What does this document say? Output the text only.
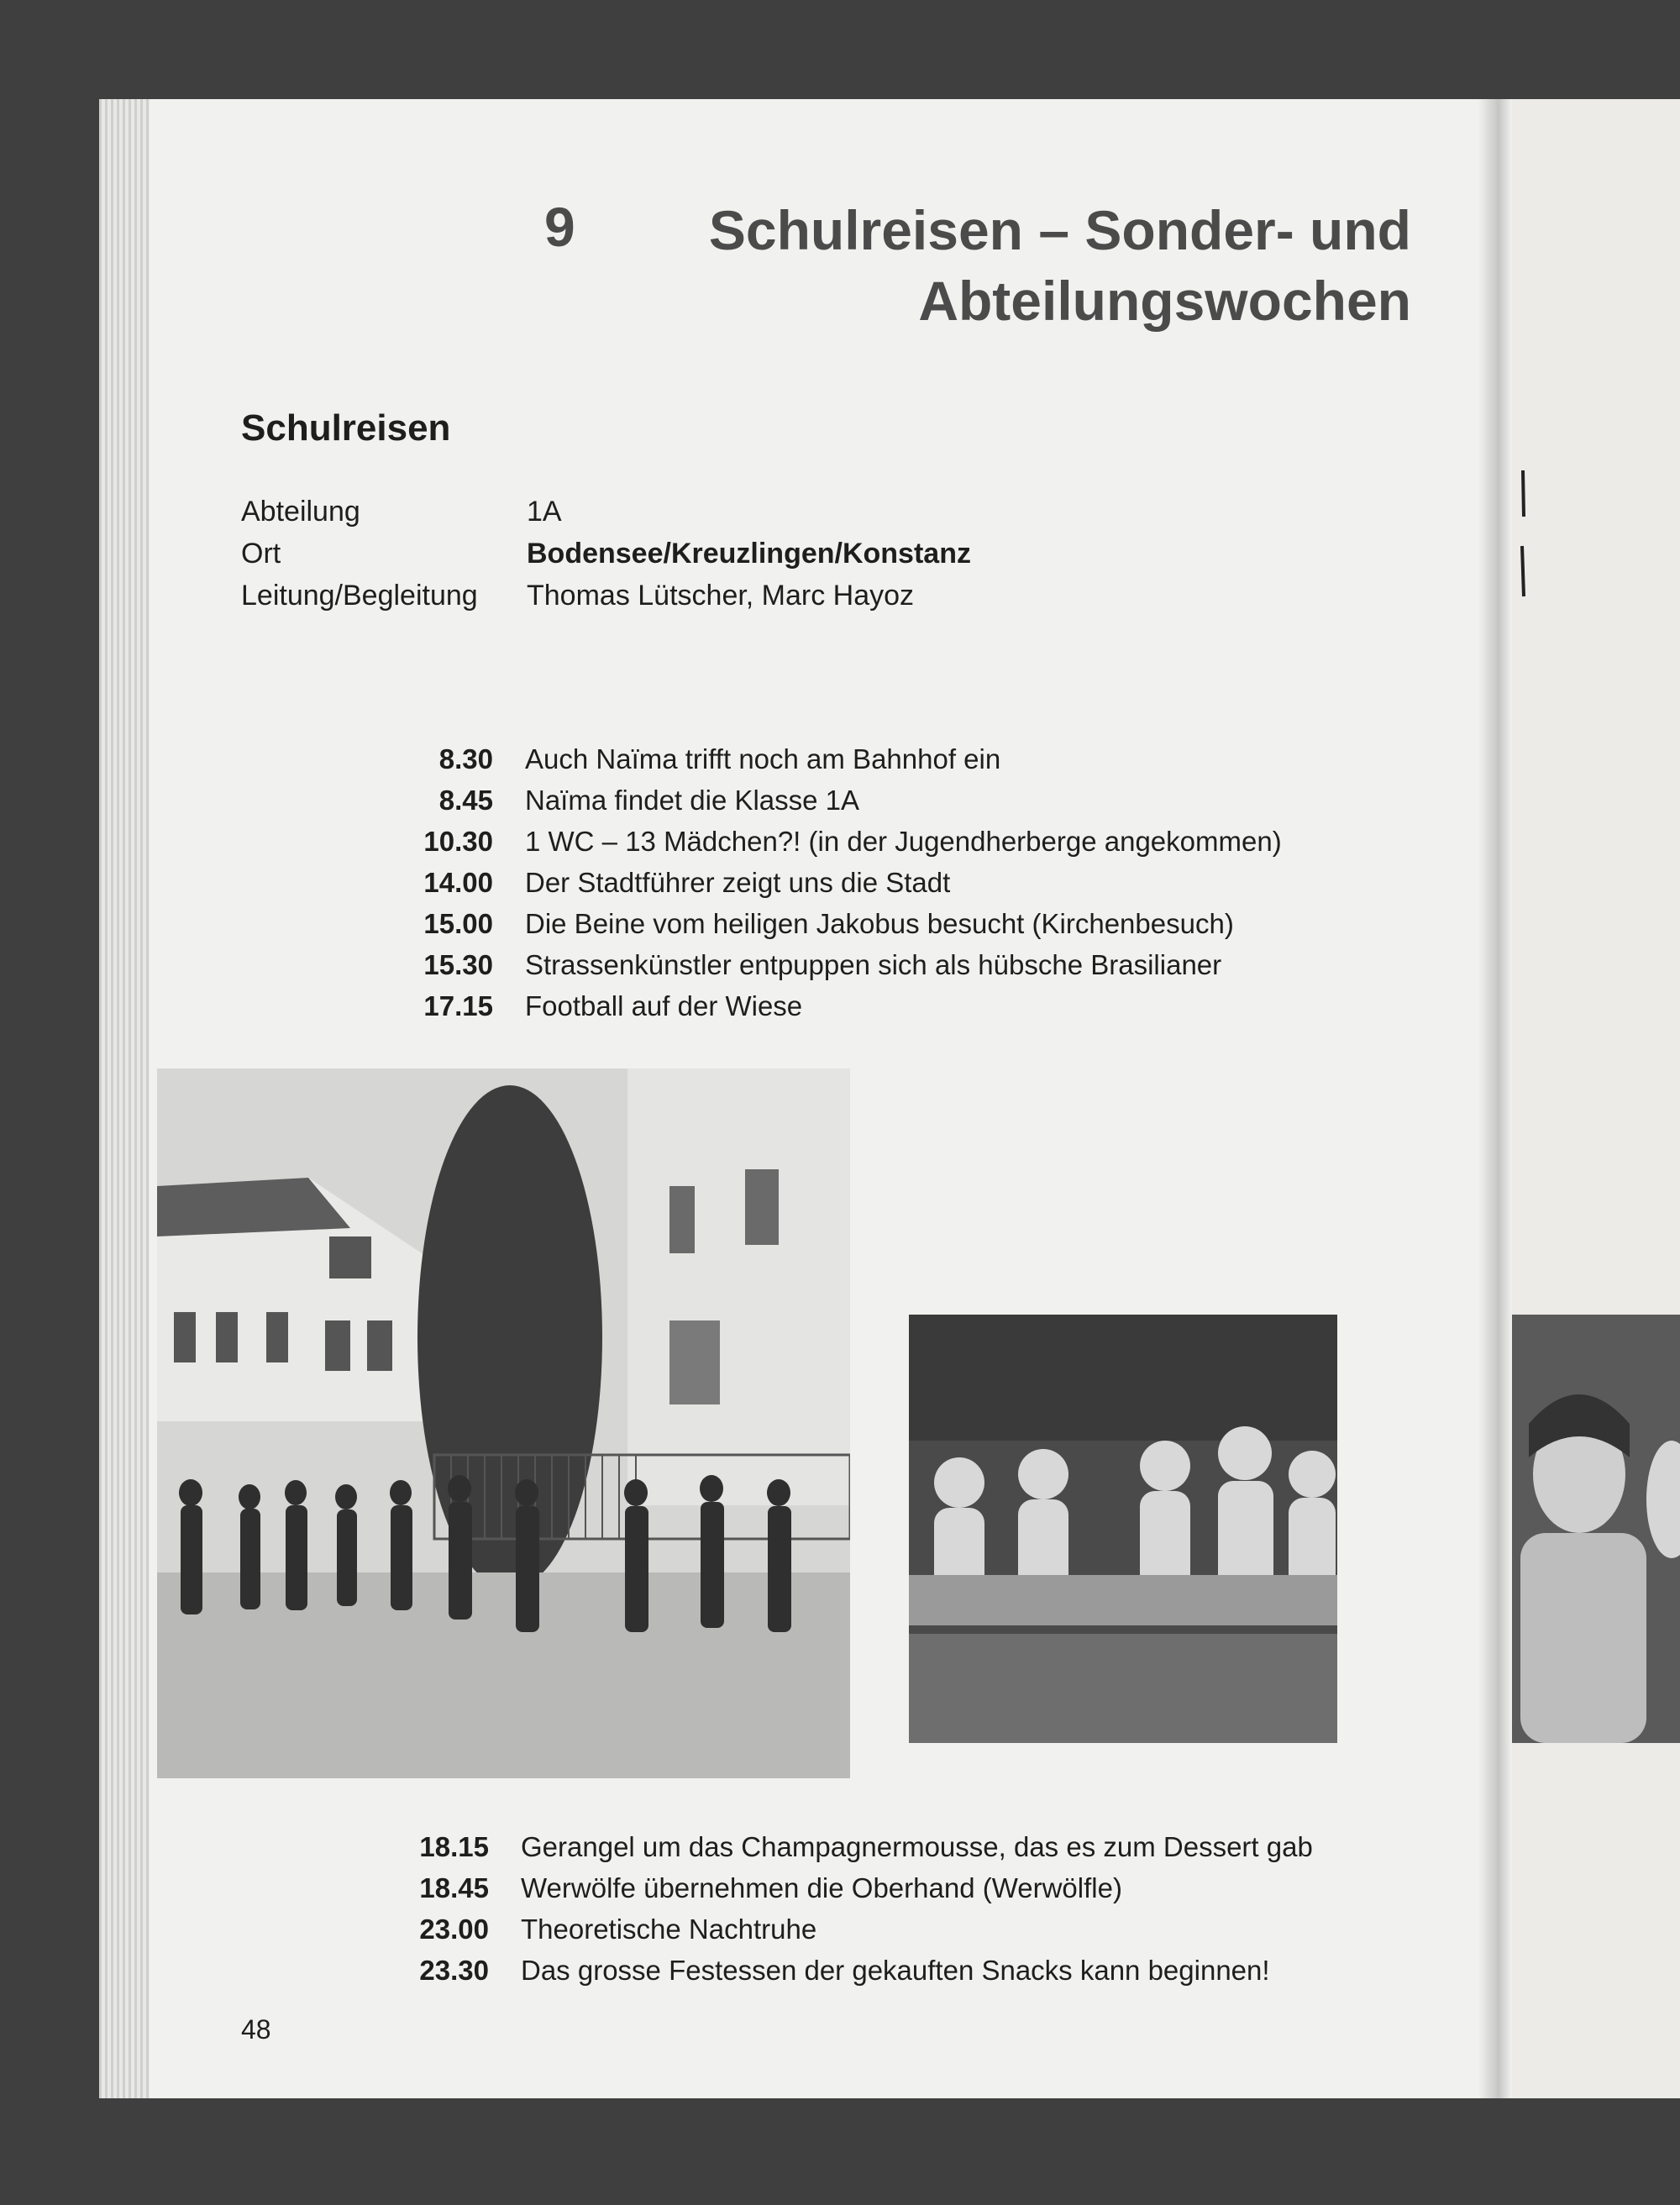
9	Schulreisen – Sonder- und
Abteilungswochen
Schulreisen
Abteilung	1A
Ort	Bodensee/Kreuzlingen/Konstanz
Leitung/Begleitung Thomas Lütscher, Marc Hayoz
8.30 Auch Naïma trifft noch am Bahnhof ein
8.45 Naïma findet die Klasse 1A
10.30 1 WC – 13 Mädchen?! (in der Jugendherberge angekommen)
14.00 Der Stadtführer zeigt uns die Stadt
15.00 Die Beine vom heiligen Jakobus besucht (Kirchenbesuch)
15.30 Strassenkünstler entpuppen sich als hübsche Brasilianer
17.15 Football auf der Wiese
18.15 Gerangel um das Champagnermousse, das es zum Dessert gab
18.45 Werwölfe übernehmen die Oberhand (Werwölfle)
23.00 Theoretische Nachtruhe
23.30 Das grosse Festessen der gekauften Snacks kann beginnen!
48
